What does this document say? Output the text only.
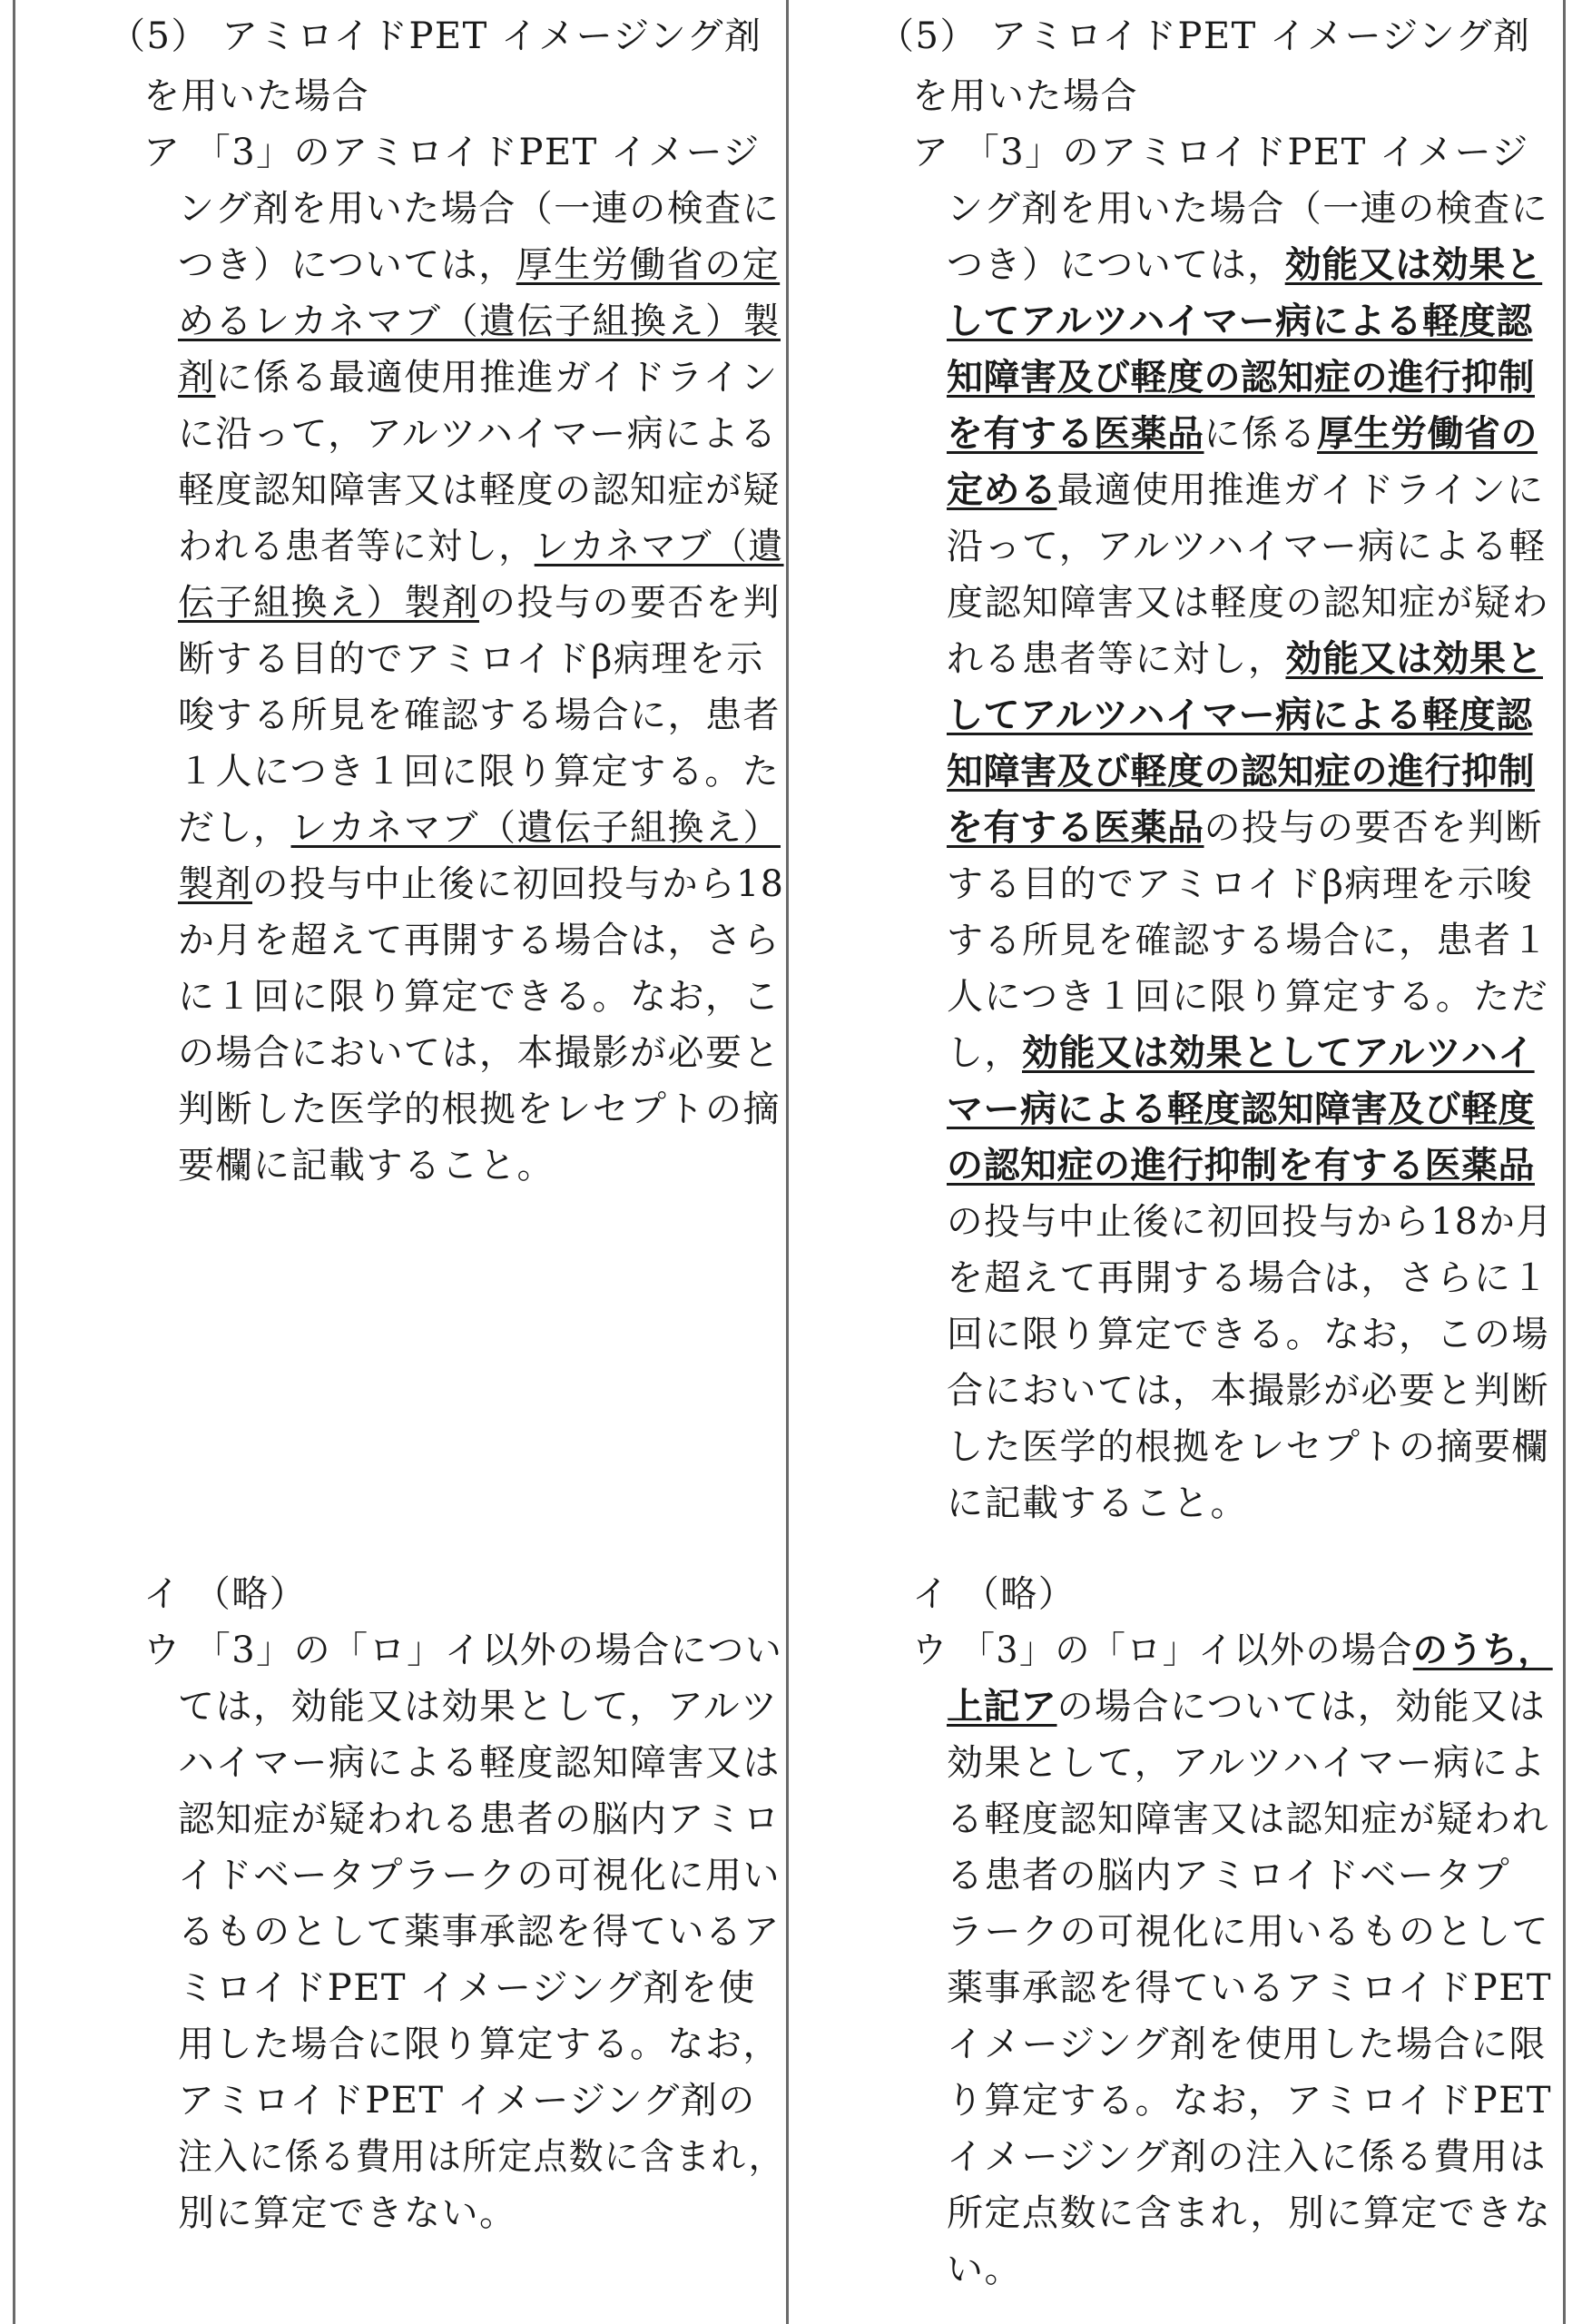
（5） アミロイドPET イメージング剤
を用いた場合
ア 「3」のアミロイドPET イメージ
ング剤を用いた場合（一連の検査に
つき）については，厚生労働省の定
めるレカネマブ（遺伝子組換え）製
剤に係る最適使用推進ガイドライン
に沿って，アルツハイマー病による
軽度認知障害又は軽度の認知症が疑
われる患者等に対し，レカネマブ（遺
伝子組換え）製剤の投与の要否を判
断する目的でアミロイドβ病理を示
唆する所見を確認する場合に，患者
１人につき１回に限り算定する。た
だし，レカネマブ（遺伝子組換え）
製剤の投与中止後に初回投与から18
か月を超えて再開する場合は，さら
に１回に限り算定できる。なお，こ
の場合においては，本撮影が必要と
判断した医学的根拠をレセプトの摘
要欄に記載すること。
イ （略）
ウ 「3」の「ロ」イ以外の場合につい
ては，効能又は効果として，アルツ
ハイマー病による軽度認知障害又は
認知症が疑われる患者の脳内アミロ
イドベータプラークの可視化に用い
るものとして薬事承認を得ているア
ミロイドPET イメージング剤を使
用した場合に限り算定する。なお，
アミロイドPET イメージング剤の
注入に係る費用は所定点数に含まれ，
別に算定できない。
（5） アミロイドPET イメージング剤
を用いた場合
ア 「3」のアミロイドPET イメージ
ング剤を用いた場合（一連の検査に
つき）については，効能又は効果と
してアルツハイマー病による軽度認
知障害及び軽度の認知症の進行抑制
を有する医薬品に係る厚生労働省の
定める最適使用推進ガイドラインに
沿って，アルツハイマー病による軽
度認知障害又は軽度の認知症が疑わ
れる患者等に対し，効能又は効果と
してアルツハイマー病による軽度認
知障害及び軽度の認知症の進行抑制
を有する医薬品の投与の要否を判断
する目的でアミロイドβ病理を示唆
する所見を確認する場合に，患者１
人につき１回に限り算定する。ただ
し，効能又は効果としてアルツハイ
マー病による軽度認知障害及び軽度
の認知症の進行抑制を有する医薬品
の投与中止後に初回投与から18か月
を超えて再開する場合は，さらに１
回に限り算定できる。なお，この場
合においては，本撮影が必要と判断
した医学的根拠をレセプトの摘要欄
に記載すること。
イ （略）
ウ 「3」の「ロ」イ以外の場合のうち，
上記アの場合については，効能又は
効果として，アルツハイマー病によ
る軽度認知障害又は認知症が疑われ
る患者の脳内アミロイドベータプ
ラークの可視化に用いるものとして
薬事承認を得ているアミロイドPET
イメージング剤を使用した場合に限
り算定する。なお，アミロイドPET
イメージング剤の注入に係る費用は
所定点数に含まれ，別に算定できな
い。
